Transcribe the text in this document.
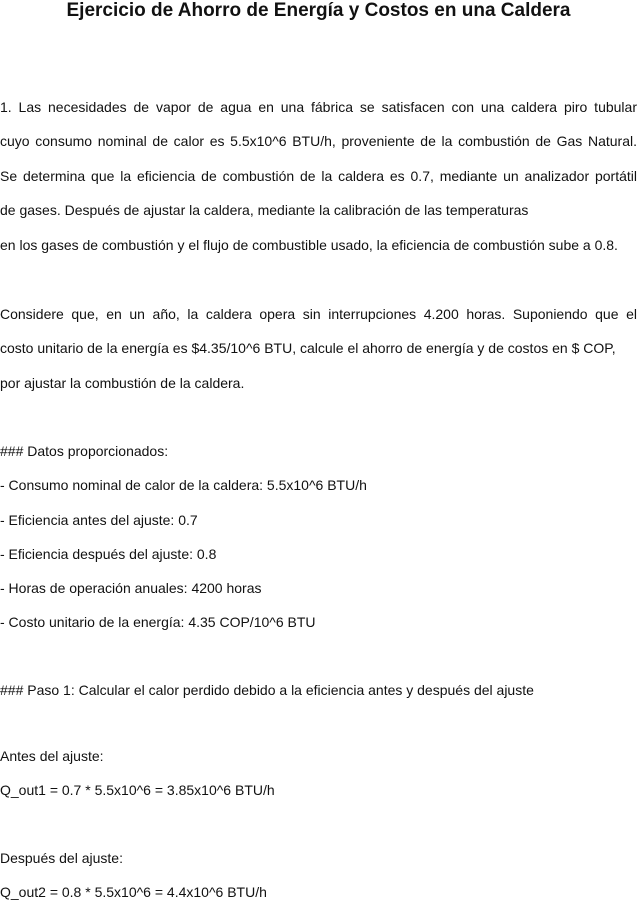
Ejercicio de Ahorro de Energía y Costos en una Caldera
1. Las necesidades de vapor de agua en una fábrica se satisfacen con una caldera piro tubular
cuyo consumo nominal de calor es 5.5x10^6 BTU/h, proveniente de la combustión de Gas Natural.
Se determina que la eficiencia de combustión de la caldera es 0.7, mediante un analizador portátil
de gases. Después de ajustar la caldera, mediante la calibración de las temperaturas
en los gases de combustión y el flujo de combustible usado, la eficiencia de combustión sube a 0.8.
Considere que, en un año, la caldera opera sin interrupciones 4.200 horas. Suponiendo que el
costo unitario de la energía es $4.35/10^6 BTU, calcule el ahorro de energía y de costos en $ COP,
por ajustar la combustión de la caldera.
### Datos proporcionados:
- Consumo nominal de calor de la caldera: 5.5x10^6 BTU/h
- Eficiencia antes del ajuste: 0.7
- Eficiencia después del ajuste: 0.8
- Horas de operación anuales: 4200 horas
- Costo unitario de la energía: 4.35 COP/10^6 BTU
### Paso 1: Calcular el calor perdido debido a la eficiencia antes y después del ajuste
Antes del ajuste:
Q_out1 = 0.7 * 5.5x10^6 = 3.85x10^6 BTU/h
Después del ajuste:
Q_out2 = 0.8 * 5.5x10^6 = 4.4x10^6 BTU/h
